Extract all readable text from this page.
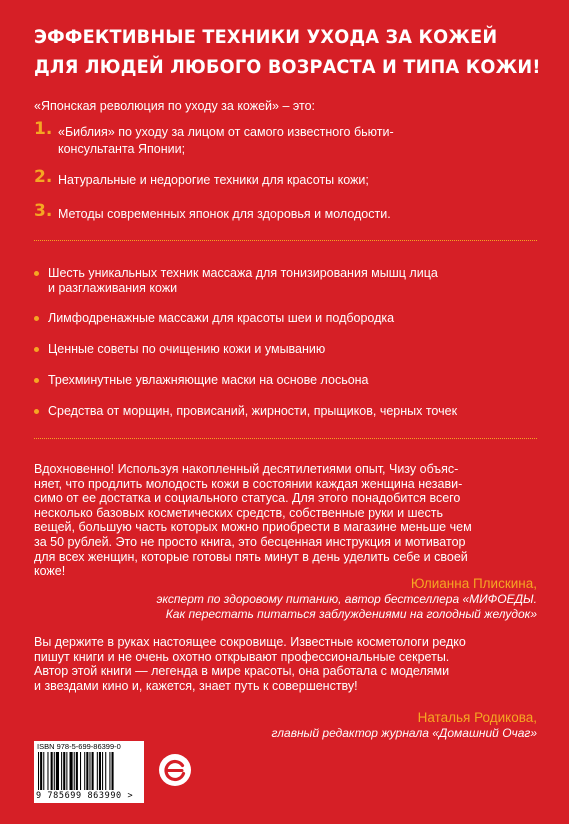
ЭФФЕКТИВНЫЕ ТЕХНИКИ УХОДА ЗА КОЖЕЙ
ДЛЯ ЛЮДЕЙ ЛЮБОГО ВОЗРАСТА И ТИПА КОЖИ!
«Японская революция по уходу за кожей» – это:
1. «Библия» по уходу за лицом от самого известного бьюти-
консультанта Японии;
2. Натуральные и недорогие техники для красоты кожи;
3. Методы современных японок для здоровья и молодости.
Шесть уникальных техник массажа для тонизирования мышц лица
и разглаживания кожи
Лимфодренажные массажи для красоты шеи и подбородка
Ценные советы по очищению кожи и умыванию
Трехминутные увлажняющие маски на основе лосьона
Средства от морщин, провисаний, жирности, прыщиков, черных точек
Вдохновенно! Используя накопленный десятилетиями опыт, Чизу объяс-
няет, что продлить молодость кожи в состоянии каждая женщина незави-
симо от ее достатка и социального статуса. Для этого понадобится всего
несколько базовых косметических средств, собственные руки и шесть
вещей, большую часть которых можно приобрести в магазине меньше чем
за 50 рублей. Это не просто книга, это бесценная инструкция и мотиватор
для всех женщин, которые готовы пять минут в день уделить себе и своей
коже!
Юлианна Плискина,
эксперт по здоровому питанию, автор бестселлера «МИФОЕДЫ.
Как перестать питаться заблуждениями на голодный желудок»
Вы держите в руках настоящее сокровище. Известные косметологи редко
пишут книги и не очень охотно открывают профессиональные секреты.
Автор этой книги — легенда в мире красоты, она работала с моделями
и звездами кино и, кажется, знает путь к совершенству!
Наталья Родикова,
главный редактор журнала «Домашний Очаг»
ISBN 978-5-699-86399-0
9 785699 863990 >
